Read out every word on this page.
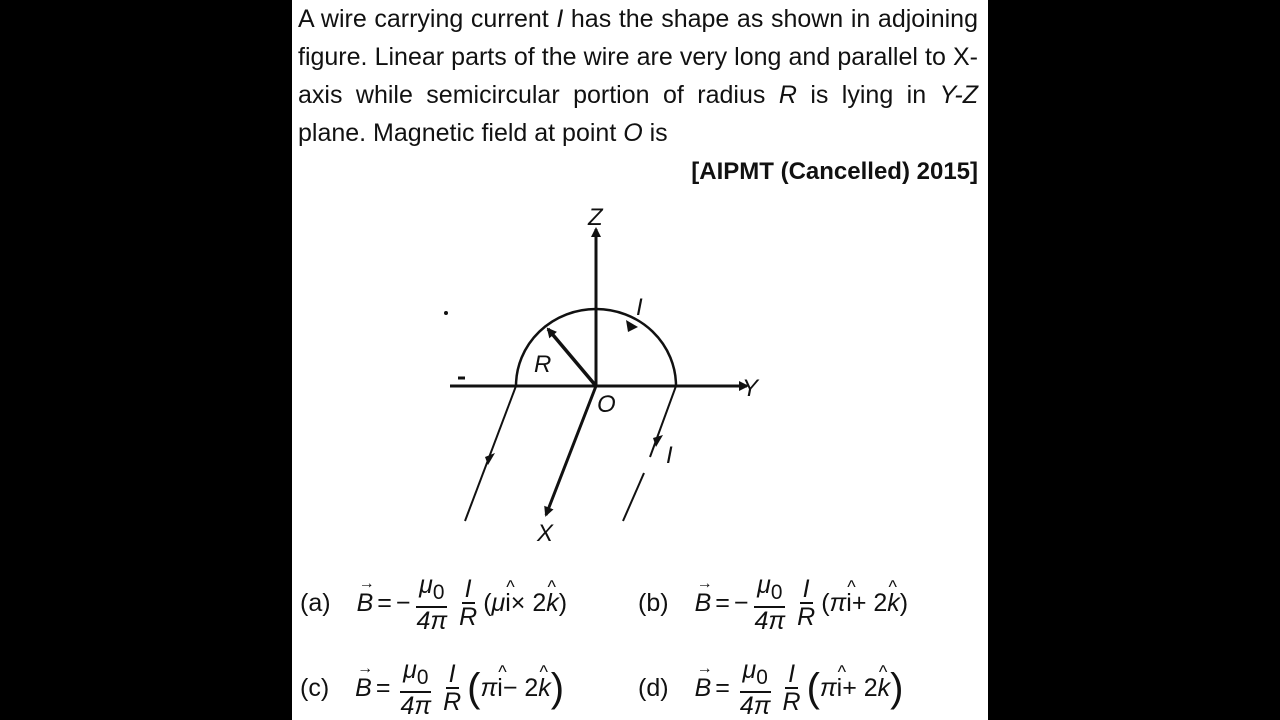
A wire carrying current I has the shape as shown in adjoining figure. Linear parts of the wire are very long and parallel to X-axis while semicircular portion of radius R is lying in Y-Z plane. Magnetic field at point O is

[AIPMT (Cancelled) 2015]

Z
Y
X
O
R
I
I
(a)
→ B = − $\frac{\mu_0}{4\pi} \frac{I}{R}$ ( μ
^ i × 2
^ k )	(b)
→ B = − $\frac{\mu_0}{4\pi} \frac{I}{R}$ ( π
^ i + 2
^ k )
(c)
→ $B = \frac{\mu_0}{4\pi} \frac{I}{R}$ ( π
^ i − 2
^ k )	(d)
→ $B = \frac{\mu_0}{4\pi} \frac{I}{R}$ ( π
^ i + 2
^ k )
